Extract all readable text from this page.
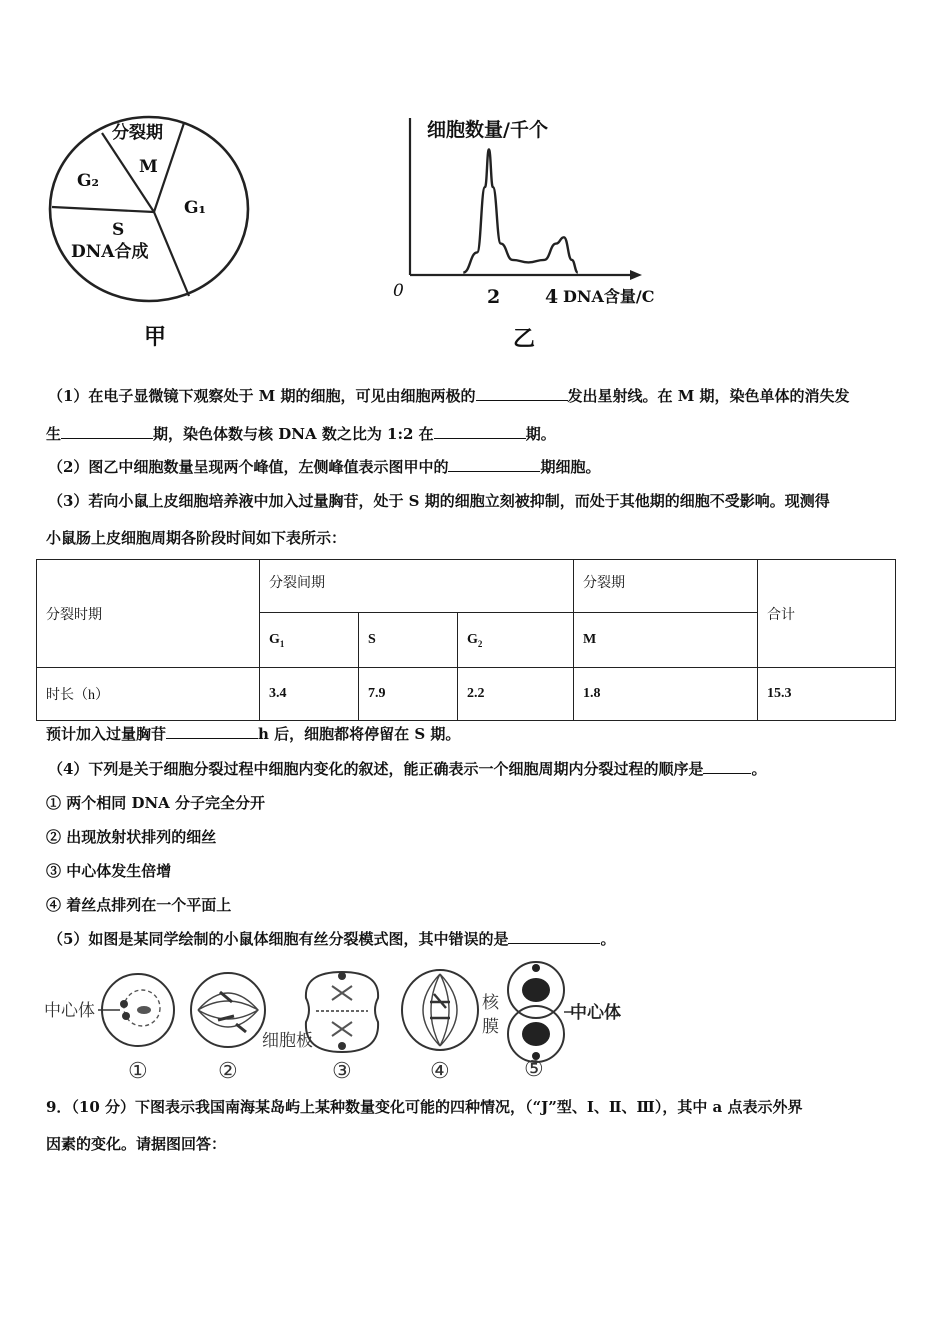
分裂期
M
G₂
G₁
S
DNA合成
甲
细胞数量/千个
0	2 4 DNA含量/C
乙
（1）在电子显微镜下观察处于 M 期的细胞，可见由细胞两极的	发出星射线。在 M 期，染色单体的消失发
生	期，染色体数与核 DNA 数之比为 1:2 在	期。
（2）图乙中细胞数量呈现两个峰值，左侧峰值表示图甲中的	期细胞。
（3）若向小鼠上皮细胞培养液中加入过量胸苷，处于 S 期的细胞立刻被抑制，而处于其他期的细胞不受影响。现测得
小鼠肠上皮细胞周期各阶段时间如下表所示：
分裂时期	分裂间期			分裂期	合计
	$G_1$	S	$G_2$	M	
时长（h）	3.4	7.9	2.2	1.8	15.3
预计加入过量胸苷	h 后，细胞都将停留在 S 期。
（4）下列是关于细胞分裂过程中细胞内变化的叙述，能正确表示一个细胞周期内分裂过程的顺序是	。
① 两个相同 DNA 分子完全分开
② 出现放射状排列的细丝
③ 中心体发生倍增
④ 着丝点排列在一个平面上
（5）如图是某同学绘制的小鼠体细胞有丝分裂模式图，其中错误的是	。
中心体
①	②
细胞板
③
核
膜
④
中心体
⑤
9．（10 分）下图表示我国南海某岛屿上某种数量变化可能的四种情况，（“J”型、Ⅰ、Ⅱ、Ⅲ），其中 a 点表示外界
因素的变化。请据图回答：
